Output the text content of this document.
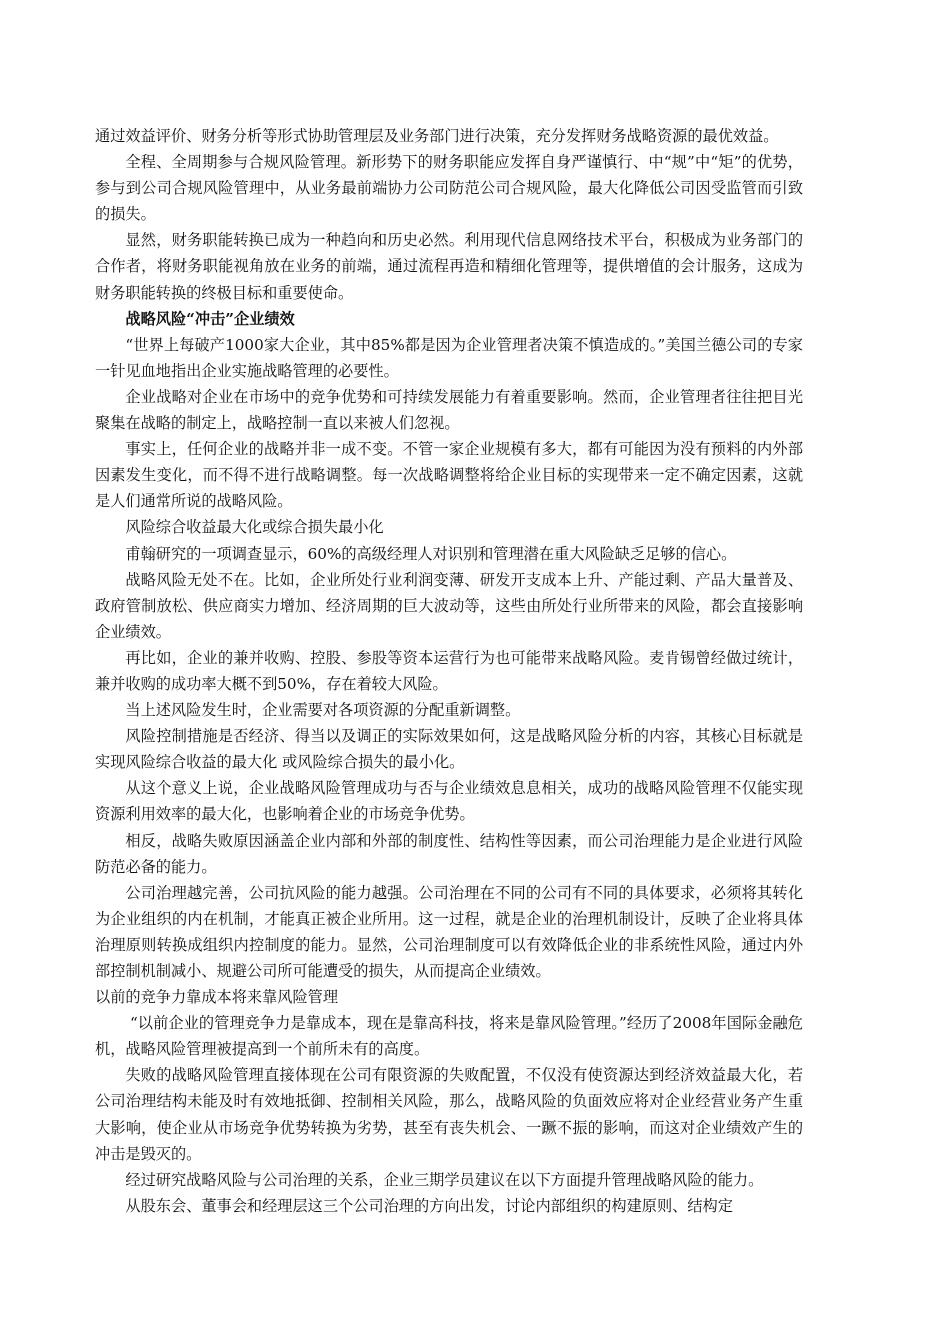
通过效益评价、财务分析等形式协助管理层及业务部门进行决策，充分发挥财务战略资源的最优效益。

全程、全周期参与合规风险管理。新形势下的财务职能应发挥自身严谨慎行、中“规”中“矩”的优势，参与到公司合规风险管理中，从业务最前端协力公司防范公司合规风险，最大化降低公司因受监管而引致的损失。

显然，财务职能转换已成为一种趋向和历史必然。利用现代信息网络技术平台，积极成为业务部门的合作者，将财务职能视角放在业务的前端，通过流程再造和精细化管理等，提供增值的会计服务，这成为财务职能转换的终极目标和重要使命。

战略风险“冲击”企业绩效

“世界上每破产1000家大企业，其中85%都是因为企业管理者决策不慎造成的。”美国兰德公司的专家一针见血地指出企业实施战略管理的必要性。

企业战略对企业在市场中的竞争优势和可持续发展能力有着重要影响。然而，企业管理者往往把目光聚集在战略的制定上，战略控制一直以来被人们忽视。

事实上，任何企业的战略并非一成不变。不管一家企业规模有多大，都有可能因为没有预料的内外部因素发生变化，而不得不进行战略调整。每一次战略调整将给企业目标的实现带来一定不确定因素，这就是人们通常所说的战略风险。

风险综合收益最大化或综合损失最小化

甫翰研究的一项调查显示，60%的高级经理人对识别和管理潜在重大风险缺乏足够的信心。

战略风险无处不在。比如，企业所处行业利润变薄、研发开支成本上升、产能过剩、产品大量普及、政府管制放松、供应商实力增加、经济周期的巨大波动等，这些由所处行业所带来的风险，都会直接影响企业绩效。

再比如，企业的兼并收购、控股、参股等资本运营行为也可能带来战略风险。麦肯锡曾经做过统计，兼并收购的成功率大概不到50%，存在着较大风险。

当上述风险发生时，企业需要对各项资源的分配重新调整。

风险控制措施是否经济、得当以及调正的实际效果如何，这是战略风险分析的内容，其核心目标就是实现风险综合收益的最大化 或风险综合损失的最小化。

从这个意义上说，企业战略风险管理成功与否与企业绩效息息相关，成功的战略风险管理不仅能实现资源利用效率的最大化，也影响着企业的市场竞争优势。

相反，战略失败原因涵盖企业内部和外部的制度性、结构性等因素，而公司治理能力是企业进行风险防范必备的能力。

公司治理越完善，公司抗风险的能力越强。公司治理在不同的公司有不同的具体要求，必须将其转化为企业组织的内在机制，才能真正被企业所用。这一过程，就是企业的治理机制设计，反映了企业将具体治理原则转换成组织内控制度的能力。显然，公司治理制度可以有效降低企业的非系统性风险，通过内外部控制机制减小、规避公司所可能遭受的损失，从而提高企业绩效。

以前的竞争力靠成本将来靠风险管理

“以前企业的管理竞争力是靠成本，现在是靠高科技，将来是靠风险管理。”经历了2008年国际金融危机，战略风险管理被提高到一个前所未有的高度。

失败的战略风险管理直接体现在公司有限资源的失败配置，不仅没有使资源达到经济效益最大化，若公司治理结构未能及时有效地抵御、控制相关风险，那么，战略风险的负面效应将对企业经营业务产生重大影响，使企业从市场竞争优势转换为劣势，甚至有丧失机会、一蹶不振的影响，而这对企业绩效产生的冲击是毁灭的。

经过研究战略风险与公司治理的关系，企业三期学员建议在以下方面提升管理战略风险的能力。

从股东会、董事会和经理层这三个公司治理的方向出发，讨论内部组织的构建原则、结构定
